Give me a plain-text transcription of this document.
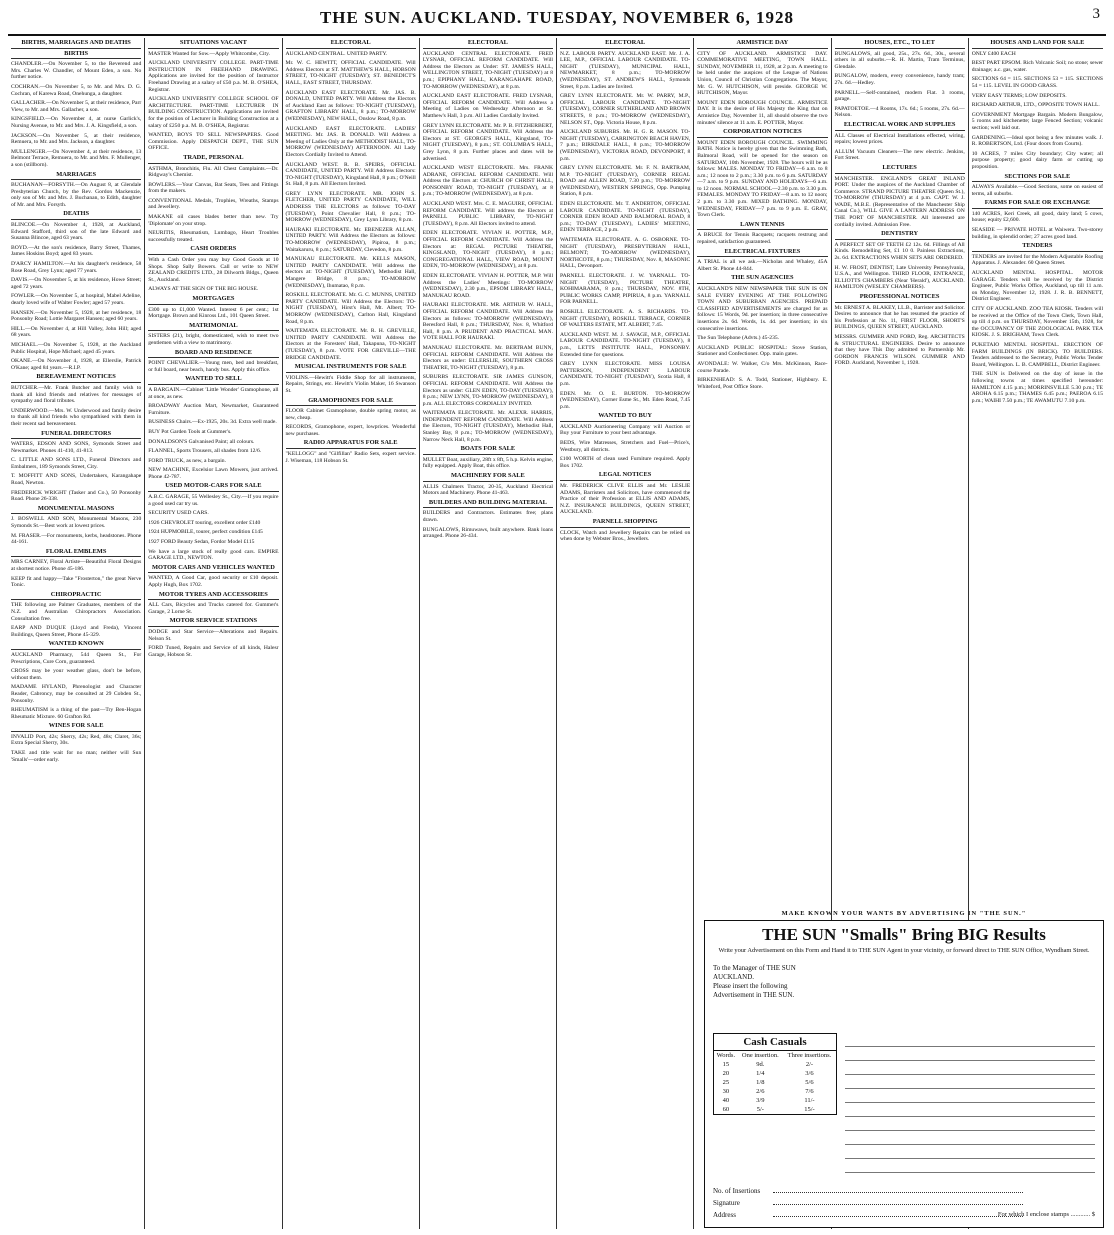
THE SUN. AUCKLAND. TUESDAY, NOVEMBER 6, 1928	3
BIRTHS, MARRIAGES AND DEATHS
BIRTHS
CHANDLER.—On November 5, to the Reverend and Mrs. Charles W. Chandler, of Mount Eden, a son. No further notice.
COCHRAN.—On November 5, to Mr. and Mrs. D. G. Cochran, of Karewa Road, Onehunga, a daughter.
GALLACHER.—On November 5, at their residence, Parr View, to Mr. and Mrs. Gallacher, a son.
KINGSFIELD.—On November 4, at nurse Garlick's, Nursing Avenue, to Mr. and Mrs. J. A. Kingsfield, a son.
JACKSON.—On November 5, at their residence, Remuera, to Mr. and Mrs. Jackson, a daughter.
MULLENGER.—On November 4, at their residence, 13 Belmont Terrace, Remuera, to Mr. and Mrs. F. Mullenger, a son (stillborn).
MARRIAGES
BUCHANAN—FORSYTH.—On August 8, at Glendale Presbyterian Church, by the Rev. Gordon Mackenzie, only son of Mr. and Mrs. J. Buchanan, to Edith, daughter of Mr. and Mrs. Forsyth.
DEATHS
BLINCOE.—On November 4, 1928, at Auckland, Edward Stafford, third son of the late Edward and Susanna Blincoe, aged 63 years.
BOYD.—At the son's residence, Barry Street, Thames, James Hoskins Boyd; aged 83 years.
D'ARCY HAMILTON.—At his daughter's residence, 58 Rose Road, Grey Lynn; aged 77 years.
DAVIS.—On November 5, at his residence, Howe Street; aged 72 years.
FOWLER.—On November 5, at hospital, Mabel Adeline, dearly loved wife of Walter Fowler; aged 57 years.
HANSEN.—On November 5, 1928, at her residence, 18 Ponsonby Road; Lottie Margaret Hansen; aged 60 years.
HILL.—On November 4, at Hill Valley, John Hill; aged 68 years.
MICHAEL.—On November 5, 1928, at the Auckland Public Hospital, Hope Michael; aged 45 years.
OKANE.—On November 4, 1928, at Ellerslie, Patrick O'Kane; aged 84 years.—R.I.P.
BEREAVEMENT NOTICES
BUTCHER.—Mr. Frank Butcher and family wish to thank all kind friends and relatives for messages of sympathy and floral tributes.
UNDERWOOD.—Mrs. W. Underwood and family desire to thank all kind friends who sympathised with them in their recent sad bereavement.
FUNERAL DIRECTORS
WATERS, EDSON AND SONS, Symonds Street and Newmarket. Phones 41-410, 41-813.
C. LITTLE AND SONS LTD., Funeral Directors and Embalmers, 189 Symonds Street, City.
T. MOFFITT AND SONS, Undertakers, Karangahape Road, Newton.
FREDERICK WRIGHT (Tasker and Co.), 50 Ponsonby Road. Phone 26-338.
MONUMENTAL MASONS
J. BOSWELL AND SON, Monumental Masons, 230 Symonds St.—Best work at lowest prices.
M. FRASER.—For monuments, kerbs, headstones. Phone 44-161.
FLORAL EMBLEMS
MRS CARNEY, Floral Artiste—Beautiful Floral Designs at shortest notice. Phone 45-186.
KEEP fit and happy—Take "Frosterton," the great Nerve Tonic.
CHIROPRACTIC
THE following are Palmer Graduates, members of the N.Z. and Australian Chiropractors Association. Consultation free.
EARP AND DUQUE (Lloyd and Freda), Vincent Buildings, Queen Street, Phone 45-329.
WANTED KNOWN
AUCKLAND Pharmacy, 544 Queen St., For Prescriptions, Cure Corn, guaranteed.
CROSS may be your weather glass, don't be before, without them.
MADAME HYLAND, Phrenologist and Character Reader, Cabroncy, may be consulted at 29 Cobden St., Ponsonby.
RHEUMATISM is a thing of the past—Try Ben-Hogan Rheumatic Mixture. 60 Grafton Rd.
WINES FOR SALE
INVALID Port, 42s; Sherry, 42s; Red, 48s; Claret, 36s; Extra Special Sherry, 30s.
TAKE and title wait for no man; neither will Sun 'Smalls'—order early.
SITUATIONS VACANT
MASTER Wanted for Sow.—Apply Whitcombe, City.
AUCKLAND UNIVERSITY COLLEGE. PART-TIME INSTRUCTION IN FREEHAND DRAWING. Applications are invited for the position of Instructor Freehand Drawing at a salary of £50 p.a. M. B. O'SHEA, Registrar.
AUCKLAND UNIVERSITY COLLEGE SCHOOL OF ARCHITECTURE. PART-TIME LECTURER IN BUILDING CONSTRUCTION. Applications are invited for the position of Lecturer in Building Construction at a salary of £250 p.a. M. B. O'SHEA, Registrar.
WANTED, BOYS TO SELL NEWSPAPERS. Good Commission. Apply DESPATCH DEPT., THE SUN OFFICE.
TRADE, PERSONAL
ASTHMA, Bronchitis, Flu. All Chest Complaints.—Dr. Ridgway's Chemist.
BOWLERS.—Your Canvas, Bat Seats, Tees and Fittings from the makers.
CONVENTIONAL Medals, Trophies, Wreaths, Stamps and Jewellery.
MAKANE oil cases blades better than new. Try 'Diplomate' on your strop.
NEURITIS, Rheumatism, Lumbago, Heart Troubles successfully treated.
CASH ORDERS
With a Cash Order you may buy Good Goods at 10 Shops. Shop Sally Bowers. Call or write to NEW ZEALAND CREDITS LTD., 28 Dilworth Bldgs., Queen St., Auckland.
ALWAYS AT THE SIGN OF THE BIG HOUSE.
MORTGAGES
£300 up to £1,000 Wanted. Interest 6 per cent.; 1st Mortgage. Brown and Kinross Ltd., 101 Queen Street.
MATRIMONIAL
SISTERS (21), bright, domesticated, wish to meet two gentlemen with a view to matrimony.
BOARD AND RESIDENCE
POINT CHEVALIER.—Young men, bed and breakfast, or full board, near beach, handy bus. Apply this office.
WANTED TO SELL
A BARGAIN.—Cabinet 'Little Wonder' Gramophone, all at once, as new.
BROADWAY Auction Mart, Newmarket, Guaranteed Furniture.
BUSINESS Chairs.—Ex-1925, 20s. 3d. Extra well made.
BUY Pot Garden Tools at Gummer's.
DONALDSON'S Galvanised Paint; all colours.
FLANNEL, Sports Trousers, all shades from 12/6.
FORD TRUCK, as new, a bargain.
NEW MACHINE, Excelsior Lawn Mowers, just arrived. Phone 42-787.
USED MOTOR-CARS FOR SALE
A.B.C. GARAGE, 55 Wellesley St., City.—If you require a good used car try us.
SECURITY USED CARS.
1926 CHEVROLET touring, excellent order £140
1924 HUPMOBILE, tourer, perfect condition £145
1927 FORD Beauty Sedan, Fordor Model £115
We have a large stock of really good cars. EMPIRE GARAGE LTD., NEWTON.
MOTOR CARS AND VEHICLES WANTED
WANTED, A Good Car, good security or £10 deposit. Apply Hugh, Box 1702.
MOTOR TYRES AND ACCESSORIES
ALL Cars, Bicycles and Trucks catered for. Gummer's Garage, 2 Lorne St.
MOTOR SERVICE STATIONS
DODGE and Star Service—Alterations and Repairs. Nelson St.
FORD Tuned, Repairs and Service of all kinds, Halesr Garage, Hobson St.
ELECTORAL
AUCKLAND CENTRAL. UNITED PARTY.
Mr. W. C. HEWITT, OFFICIAL CANDIDATE. Will Address Electors at ST. MATTHEW'S HALL, HOBSON STREET, TO-NIGHT (TUESDAY); ST. BENEDICT'S HALL, EAST STREET, THURSDAY.
AUCKLAND EAST ELECTORATE. Mr. JAS. B. DONALD, UNITED PARTY. Will Address the Electors of Auckland East as follows: TO-NIGHT (TUESDAY), GRAFTON LIBRARY HALL, 8 p.m.; TO-MORROW (WEDNESDAY), NEW HALL, Onslow Road, 8 p.m.
AUCKLAND EAST ELECTORATE. LADIES' MEETING. Mr. JAS. B. DONALD. Will Address a Meeting of Ladies Only at the METHODIST HALL, TO-MORROW (WEDNESDAY) AFTERNOON. All Lady Electors Cordially Invited to Attend.
AUCKLAND WEST. R. B. SPEIRS, OFFICIAL CANDIDATE, UNITED PARTY. Will Address Electors: TO-NIGHT (TUESDAY), Kingsland Hall, 8 p.m.; O'Neill St. Hall, 8 p.m. All Electors Invited.
GREY LYNN ELECTORATE. MR. JOHN S. FLETCHER, UNITED PARTY CANDIDATE, WILL ADDRESS THE ELECTORS as follows: TO-DAY (TUESDAY), Point Chevalier Hall, 8 p.m.; TO-MORROW (WEDNESDAY), Grey Lynn Library, 8 p.m.
HAURAKI ELECTORATE. Mr. EBENEZER ALLAN, UNITED PARTY. Will Address the Electors as follows: TO-MORROW (WEDNESDAY), Pipiroa, 8 p.m.; Waitakaruru, 8 p.m.; SATURDAY, Clevedon, 8 p.m.
MANUKAU ELECTORATE. Mr. KELLS MASON, UNITED PARTY CANDIDATE. Will address the electors at: TO-NIGHT (TUESDAY), Methodist Hall, Mangere Bridge, 8 p.m.; TO-MORROW (WEDNESDAY), Ihumatao, 8 p.m.
ROSKILL ELECTORATE. Mr. G. C. MUNNS, UNITED PARTY CANDIDATE. Will Address the Electors: TO-NIGHT (TUESDAY), Hirst's Hall, Mt. Albert; TO-MORROW (WEDNESDAY), Carlton Hall, Kingsland Road, 8 p.m.
WAITEMATA ELECTORATE. Mr. R. H. GREVILLE, UNITED PARTY CANDIDATE. Will Address the Electors at the Foresters' Hall, Takapuna, TO-NIGHT (TUESDAY), 8 p.m. VOTE FOR GREVILLE—THE BRIDGE CANDIDATE.
MUSICAL INSTRUMENTS FOR SALE
VIOLINS.—Hewitt's Fiddle Shop for all instruments, Repairs, Strings, etc. Hewitt's Violin Maker, 16 Swanson St.
GRAMOPHONES FOR SALE
FLOOR Cabinet Gramophone, double spring motor, as new, cheap.
RECORDS, Gramophone, expert, lowprices. Wonderful new purchases.
RADIO APPARATUS FOR SALE
"KELLOGG" and "Gilfillan" Radio Sets, expert service. J. Wiseman, 118 Hobson St.
ELECTORAL
AUCKLAND CENTRAL ELECTORATE. FRED LYSNAR, OFFICIAL REFORM CANDIDATE. Will Address the Electors as Under: ST. JAMES'S HALL, WELLINGTON STREET, TO-NIGHT (TUESDAY) at 8 p.m.; EPIPHANY HALL, KARANGAHAPE ROAD, TO-MORROW (WEDNESDAY), at 8 p.m.
AUCKLAND EAST ELECTORATE. FRED LYSNAR, OFFICIAL REFORM CANDIDATE. Will Address a Meeting of Ladies on Wednesday Afternoon at St. Matthew's Hall, 3 p.m. All Ladies Cordially Invited.
GREY LYNN ELECTORATE. Mr. P. B. FITZHERBERT, OFFICIAL REFORM CANDIDATE. Will Address the Electors at ST. GEORGE'S HALL, Kingsland, TO-NIGHT (TUESDAY), 8 p.m.; ST. COLUMBA'S HALL, Grey Lynn, 8 p.m. Further places and dates will be advertised.
AUCKLAND WEST ELECTORATE. Mrs. FRANK ADRANE, OFFICIAL REFORM CANDIDATE. Will Address the Electors at: CHURCH OF CHRIST HALL, PONSONBY ROAD, TO-NIGHT (TUESDAY), at 8 p.m.; TO-MORROW (WEDNESDAY), at 8 p.m.
AUCKLAND WEST. Mrs. C. E. MAGUIRE, OFFICIAL REFORM CANDIDATE. Will address the Electors at PARNELL PUBLIC LIBRARY, TO-NIGHT (TUESDAY), 8 p.m. All Electors invited to attend.
EDEN ELECTORATE. VIVIAN H. POTTER, M.P., OFFICIAL REFORM CANDIDATE. Will Address the Electors at: REGAL PICTURE THEATRE, KINGSLAND, TO-NIGHT (TUESDAY), 8 p.m.; CONGREGATIONAL HALL, VIEW ROAD, MOUNT EDEN, TO-MORROW (WEDNESDAY), at 8 p.m.
EDEN ELECTORATE. VIVIAN H. POTTER, M.P. Will Address the Ladies' Meetings: TO-MORROW (WEDNESDAY), 2.30 p.m., EPSOM LIBRARY HALL, MANUKAU ROAD.
HAURAKI ELECTORATE. MR. ARTHUR W. HALL, OFFICIAL REFORM CANDIDATE. Will Address the Electors as follows: TO-MORROW (WEDNESDAY), Beresford Hall, 8 p.m.; THURSDAY, Nov. 8, Whitford Hall, 8 p.m. A PRUDENT AND PRACTICAL MAN. VOTE HALL FOR HAURAKI.
MANUKAU ELECTORATE. Mr. BERTRAM BUNN, OFFICIAL REFORM CANDIDATE. Will Address the Electors as under: ELLERSLIE, SOUTHERN CROSS THEATRE, TO-NIGHT (TUESDAY), 8 p.m.
SUBURBS ELECTORATE. SIR JAMES GUNSON, OFFICIAL REFORM CANDIDATE. Will Address the Electors as under: GLEN EDEN, TO-DAY (TUESDAY), 8 p.m.; NEW LYNN, TO-MORROW (WEDNESDAY), 8 p.m. ALL ELECTORS CORDIALLY INVITED.
WAITEMATA ELECTORATE. Mr. ALEXR. HARRIS, INDEPENDENT REFORM CANDIDATE. Will Address the Electors, TO-NIGHT (TUESDAY), Methodist Hall, Stanley Bay, 8 p.m.; TO-MORROW (WEDNESDAY), Narrow Neck Hall, 8 p.m.
BOATS FOR SALE
MULLET Boat, auxiliary, 28ft x 8ft, 5 h.p. Kelvin engine, fully equipped. Apply Boat, this office.
MACHINERY FOR SALE
ALLIS Chalmers Tractor, 20-35, Auckland Electrical Motors and Machinery. Phone 41-463.
BUILDERS AND BUILDING MATERIAL
BUILDERS and Contractors. Estimates free; plans drawn.
BUNGALOWS, Rimuwaws, built anywhere. Bank loans arranged. Phone 26-434.
ELECTORAL
N.Z. LABOUR PARTY. AUCKLAND EAST. Mr. J. A. LEE, M.P., OFFICIAL LABOUR CANDIDATE. TO-NIGHT (TUESDAY), MUNICIPAL HALL, NEWMARKET, 8 p.m.; TO-MORROW (WEDNESDAY), ST. ANDREW'S HALL, Symonds Street, 8 p.m. Ladies are Invited.
GREY LYNN ELECTORATE. Mr. W. PARRY, M.P., OFFICIAL LABOUR CANDIDATE. TO-NIGHT (TUESDAY), CORNER SUTHERLAND AND BROWN STREETS, 8 p.m.; TO-MORROW (WEDNESDAY), NELSON ST., Opp. Victoria House, 8 p.m.
AUCKLAND SUBURBS. Mr. H. G. R. MASON. TO-NIGHT (TUESDAY), CARRINGTON BEACH HAVEN, 7 p.m.; BIRKDALE HALL, 8 p.m.; TO-MORROW (WEDNESDAY), VICTORIA ROAD, DEVONPORT, 8 p.m.
GREY LYNN ELECTORATE. Mr. F. N. BARTRAM, M.P. TO-NIGHT (TUESDAY), CORNER REGAL ROAD and ALLEN ROAD, 7.30 p.m.; TO-MORROW (WEDNESDAY), WESTERN SPRINGS, Opp. Pumping Station, 8 p.m.
EDEN ELECTORATE. Mr. T. ANDERTON, OFFICIAL LABOUR CANDIDATE. TO-NIGHT (TUESDAY), CORNER EDEN ROAD AND BALMORAL ROAD, 8 p.m.; TO-DAY (TUESDAY), LADIES' MEETING, EDEN TERRACE, 2 p.m.
WAITEMATA ELECTORATE. A. G. OSBORNE. TO-NIGHT (TUESDAY), PRESBYTERIAN HALL, BELMONT; TO-MORROW (WEDNESDAY), NORTHCOTE, 8 p.m.; THURSDAY, Nov. 8, MASONIC HALL, Devonport.
PARNELL ELECTORATE. J. W. YARNALL. TO-NIGHT (TUESDAY), PICTURE THEATRE, KOHIMARAMA, 8 p.m.; THURSDAY, NOV. 8TH, PUBLIC WORKS CAMP, PIPIRUA, 8 p.m. YARNALL FOR PARNELL.
ROSKILL ELECTORATE. A. S. RICHARDS. TO-NIGHT (TUESDAY), ROSKILL TERRACE, CORNER OF WALTERS ESTATE, MT. ALBERT, 7.45.
AUCKLAND WEST. M. J. SAVAGE, M.P., OFFICIAL LABOUR CANDIDATE. TO-NIGHT (TUESDAY), 8 p.m., LETTS INSTITUTE HALL, PONSONBY. Extended time for questions.
GREY LYNN ELECTORATE. MISS LOUISA PATTERSON, INDEPENDENT LABOUR CANDIDATE. TO-NIGHT (TUESDAY), Scotia Hall, 8 p.m.
EDEN. Mr. O. E. BURTON. TO-MORROW (WEDNESDAY), Corner Esme St., Mt. Eden Road, 7.45 p.m.
WANTED TO BUY
AUCKLAND Auctioneering Company will Auction or Buy your Furniture to your best advantage.
BEDS, Wire Matresses, Stretchers and Fuel—Price's, Westbury, all districts.
£100 WORTH of clean used Furniture required. Apply Box 1702.
LEGAL NOTICES
Mr. FREDERICK CLIVE ELLIS and Mr. LESLIE ADAMS, Barristers and Solicitors, have commenced the Practice of their Profession at ELLIS AND ADAMS, N.Z. INSURANCE BUILDINGS, QUEEN STREET, AUCKLAND.
PARNELL SHOPPING
CLOCK, Watch and Jewellery Repairs can be relied on when done by Webster Bros., Jewellers.
ARMISTICE DAY
CITY OF AUCKLAND. ARMISTICE DAY. COMMEMORATIVE MEETING, TOWN HALL. SUNDAY, NOVEMBER 11, 1928, at 2 p.m. A meeting to be held under the auspices of the League of Nations Union, Council of Christian Congregations. The Mayor, Mr. G. W. HUTCHISON, will preside. GEORGE W. HUTCHISON, Mayor.
MOUNT EDEN BOROUGH COUNCIL. ARMISTICE DAY. It is the desire of His Majesty the King that on Armistice Day, November 11, all should observe the two minutes' silence at 11 a.m. E. POTTER, Mayor.
CORPORATION NOTICES
MOUNT EDEN BOROUGH COUNCIL. SWIMMING BATH. Notice is hereby given that the Swimming Bath, Balmoral Road, will be opened for the season on SATURDAY, 10th November, 1928. The hours will be as follows: MALES. MONDAY TO FRIDAY—6 a.m. to 8 a.m.; 12 noon to 2 p.m.; 3.30 p.m. to 6 p.m. SATURDAY—7 a.m. to 9 p.m. SUNDAY AND HOLIDAYS—6 a.m. to 12 noon. NORMAL SCHOOL—2.30 p.m. to 3.30 p.m. FEMALES. MONDAY TO FRIDAY—8 a.m. to 12 noon; 2 p.m. to 3.30 p.m. MIXED BATHING. MONDAY, WEDNESDAY, FRIDAY—7 p.m. to 9 p.m. E. GRAY, Town Clerk.
LAWN TENNIS
A BRUCE for Tennis Racquets; racquets restrung and repaired, satisfaction guaranteed.
ELECTRICAL FIXTURES
A TRIAL is all we ask.—Nicholas and Whaley, 45A Albert St. Phone 44-844.
THE SUN AGENCIES
AUCKLAND'S NEW NEWSPAPER THE SUN IS ON SALE EVERY EVENING AT THE FOLLOWING TOWN AND SUBURBAN AGENCIES. PREPAID CLASSIFIED ADVERTISEMENTS are charged for as follows: 15 Words, 9d. per insertion; in three consecutive insertions 2s. 6d. Words, 1s. 4d. per insertion; in six consecutive insertions.
The Sun Telephone (Advts.) 45-235.
AUCKLAND PUBLIC HOSPITAL: Stove Station, Stationer and Confectioner. Opp. main gates.
AVONDALE: W. Walker, C/o Mrs. McKinnon, Race-course Parade.
BIRKENHEAD: S. A. Todd, Stationer, Highbury. E. Whiteford, Post Office Store.
HOUSES, ETC., TO LET
BUNGALOWS, all good, 25s., 27s. 6d., 30s., several others in all suburbs.—R. H. Martin, Tram Terminus, Glendale.
BUNGALOW, modern, every convenience, handy tram; 27s. 6d.—Hedley.
PARNELL.—Self-contained, modern Flat. 3 rooms, garage.
PAPATOETOE.—4 Rooms, 17s. 6d.; 5 rooms, 27s. 6d.—Nelson.
ELECTRICAL WORK AND SUPPLIES
ALL Classes of Electrical Installations effected, wiring, repairs; lowest prices.
ALLUM Vacuum Cleaners—The new electric. Jenkins, Fort Street.
LECTURES
MANCHESTER. ENGLAND'S GREAT INLAND PORT. Under the auspices of the Auckland Chamber of Commerce. STRAND PICTURE THEATRE (Queen St.), TO-MORROW (THURSDAY) at 4 p.m. CAPT. W. J. WADE, M.B.E. (Representative of the Manchester Ship Canal Co.), WILL GIVE A LANTERN ADDRESS ON THE PORT OF MANCHESTER. All interested are cordially invited. Admission Free.
DENTISTRY
A PERFECT SET OF TEETH £2 12s. 6d. Fillings of All Kinds. Remodelling Set, £1 10 0. Painless Extractions, 2s. 6d. EXTRACTIONS WHEN SETS ARE ORDERED.
H. W. FROST, DENTIST, Late University Pennsylvania, U.S.A., and Wellington. THIRD FLOOR, ENTRANCE, ELLIOTTS CHAMBERS (Near 'Herald'), AUCKLAND. HAMILTON (WESLEY CHAMBERS).
PROFESSIONAL NOTICES
Mr. ERNEST A. BLAKEY, LL.B., Barrister and Solicitor. Desires to announce that he has resumed the practice of his Profession at No. 11, FIRST FLOOR, SHORT'S BUILDINGS, QUEEN STREET, AUCKLAND.
MESSRS. GUMMER AND FORD, Reg. ARCHITECTS & STRUCTURAL ENGINEERS. Desire to announce that they have This Day admitted to Partnership Mr. GORDON FRANCIS WILSON. GUMMER AND FORD. Auckland, November 1, 1928.
HOUSES AND LAND FOR SALE
ONLY £400 EACH
BEST PART EPSOM. Rich Volcanic Soil; no stone; sewer drainage; a.c. gas, water.
SECTIONS 64 = 115. SECTIONS 53 = 115. SECTIONS 54 = 115. LEVEL IN GOOD GRASS.
VERY EASY TERMS; LOW DEPOSITS.
RICHARD ARTHUR, LTD., OPPOSITE TOWN HALL.
GOVERNMENT Mortgage Bargain. Modern Bungalow, 5 rooms and kitchenette; large Fenced Section; volcanic section; well laid out.
GARDENING.—Ideal spot being a few minutes walk. J. R. ROBERTSON, Ltd. (Four doors from Courts).
10 ACRES, 7 miles City boundary; City water; all purpose property; good dairy farm or cutting up proposition.
SECTIONS FOR SALE
ALWAYS Available.—Good Sections, some on easiest of terms, all suburbs.
FARMS FOR SALE OR EXCHANGE
140 ACRES, Keri Creek, all good, dairy land; 5 cows, house; equity £2,600.
SEASIDE — PRIVATE HOTEL at Waiwera. Two-storey building, in splendid order; 27 acres good land.
TENDERS
TENDERS are invited for the Modern Adjustable Roofing Apparatus. J. Alexander. 60 Queen Street.
AUCKLAND MENTAL HOSPITAL. MOTOR GARAGE. Tenders will be received by the District Engineer, Public Works Office, Auckland, up till 11 a.m. on Monday, November 12, 1928. J. R. B. BENNETT, District Engineer.
CITY OF AUCKLAND. ZOO TEA KIOSK. Tenders will be received at the Office of the Town Clerk, Town Hall, up till 4 p.m. on THURSDAY, November 15th, 1928, for the OCCUPANCY OF THE ZOOLOGICAL PARK TEA KIOSK. J. S. BRIGHAM, Town Clerk.
PUKETAIO MENTAL HOSPITAL. ERECTION OF FARM BUILDINGS (IN BRICK). TO BUILDERS. Tenders addressed to the Secretary, Public Works Tender Board, Wellington. L. B. CAMPBELL, District Engineer.
THE SUN is Delivered on the day of issue in the following towns at times specified hereunder: HAMILTON 4.15 p.m.; MORRINSVILLE 5.30 p.m.; TE AROHA 6.15 p.m.; THAMES 6.45 p.m.; PAEROA 6.15 p.m.; WAIHI 7.50 p.m.; TE AWAMUTU 7.10 p.m.
MAKE KNOWN YOUR WANTS BY ADVERTISING IN "THE SUN."
THE SUN "Smalls" Bring BIG Results
Write your Advertisement on this Form and Hand it to THE SUN Agent in your vicinity, or forward direct to THE SUN Office, Wyndham Street.
To the Manager of THE SUN
AUCKLAND.
Please insert the following
Advertisement in THE SUN.
Cash Casuals
Words.	One insertion.	Three insertions.
15	9d.	2/-
20	1/4	3/6
25	1/8	5/6
30	2/6	7/6
40	3/9	11/-
60	5/-	15/-
No. of Insertions
Signature
Address	For which I enclose stamps ............ $
